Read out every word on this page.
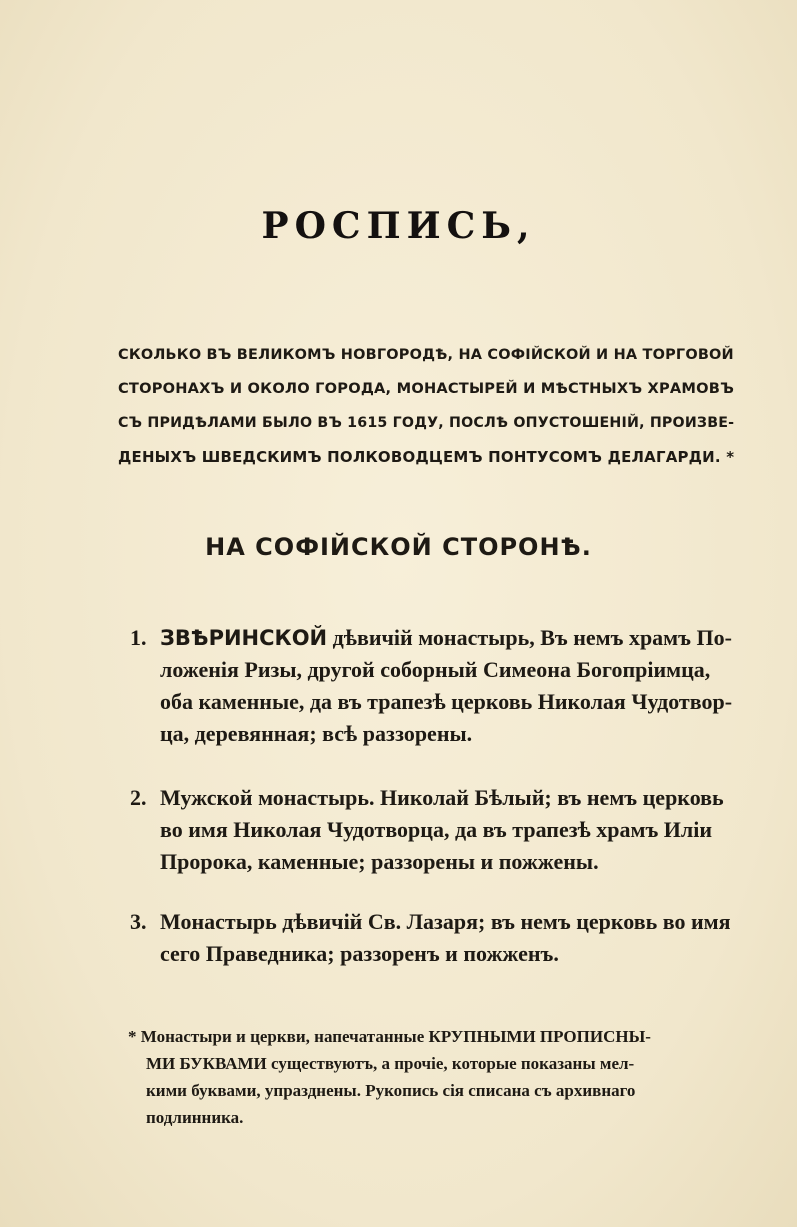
РОСПИСЬ,
СКОЛЬКО ВЪ ВЕЛИКОМЪ НОВГОРОДѢ, НА СОФІЙСКОЙ И НА ТОРГОВОЙ
СТОРОНАХЪ И ОКОЛО ГОРОДА, МОНАСТЫРЕЙ И МѢСТНЫХЪ ХРАМОВЪ
СЪ ПРИДѢЛАМИ БЫЛО ВЪ 1615 ГОДУ, ПОСЛѢ ОПУСТОШЕНІЙ, ПРОИЗВЕ-
ДЕНЫХЪ ШВЕДСКИМЪ ПОЛКОВОДЦЕМЪ ПОНТУСОМЪ ДЕЛАГАРДИ. *
НА СОФІЙСКОЙ СТОРОНѢ.
1. ЗВѢРИНСКОЙ дѣвичій монастырь, Въ немъ храмъ По-
ложенія Ризы, другой соборный Симеона Богопріимца,
оба каменные, да въ трапезѣ церковь Николая Чудотвор-
ца, деревянная; всѣ раззорены.
2. Мужской монастырь. Николай Бѣлый; въ немъ церковь
во имя Николая Чудотворца, да въ трапезѣ храмъ Иліи
Пророка, каменные; раззорены и пожжены.
3. Монастырь дѣвичій Св. Лазаря; въ немъ церковь во имя
сего Праведника; раззоренъ и пожженъ.
* Монастыри и церкви, напечатанные КРУПНЫМИ ПРОПИСНЫ-
МИ БУКВАМИ существуютъ, а прочіе, которые показаны мел-
кими буквами, упразднены. Рукопись сія списана съ архивнаго
подлинника.
